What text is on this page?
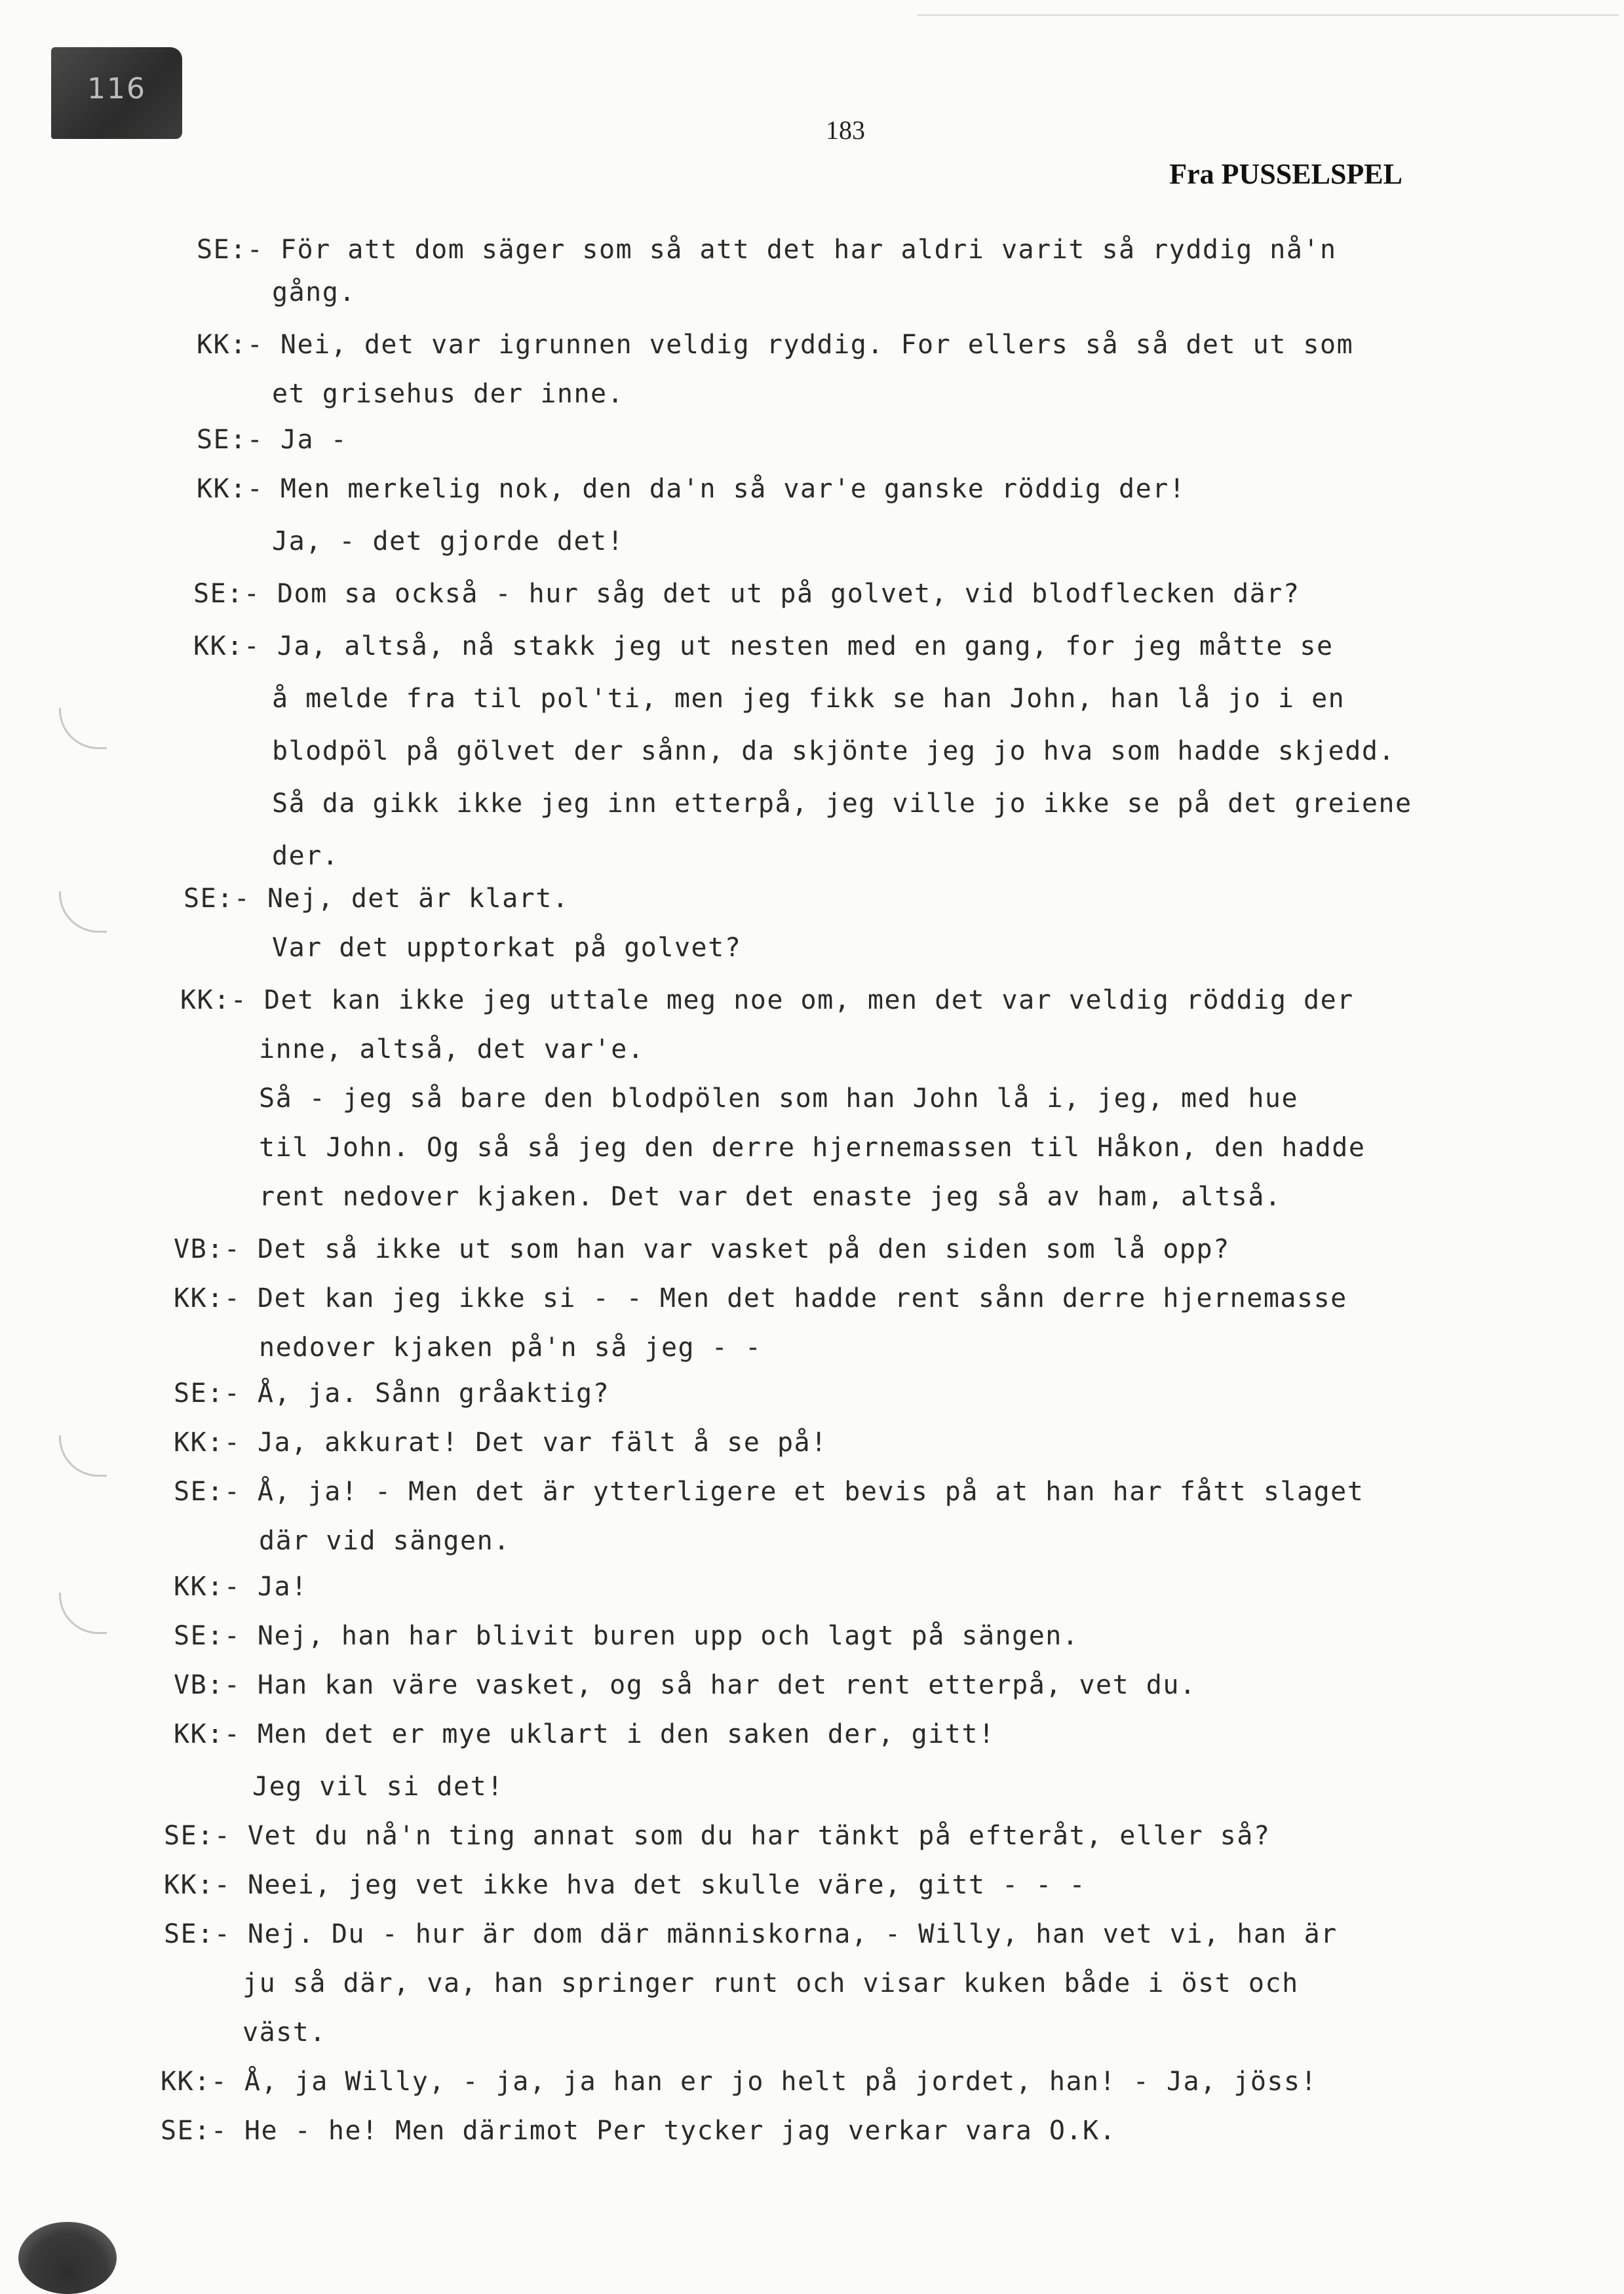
116
183
Fra PUSSELSPEL
SE:- För att dom säger som så att det har aldri varit så ryddig nå'n
gång.
KK:- Nei, det var igrunnen veldig ryddig. For ellers så så det ut som
et grisehus der inne.
SE:- Ja -
KK:- Men merkelig nok, den da'n så var'e ganske röddig der!
Ja, - det gjorde det!
SE:- Dom sa också - hur såg det ut på golvet, vid blodflecken där?
KK:- Ja, altså, nå stakk jeg ut nesten med en gang, for jeg måtte se
å melde fra til pol'ti, men jeg fikk se han John, han lå jo i en
blodpöl på gölvet der sånn, da skjönte jeg jo hva som hadde skjedd.
Så da gikk ikke jeg inn etterpå, jeg ville jo ikke se på det greiene
der.
SE:- Nej, det är klart.
Var det upptorkat på golvet?
KK:- Det kan ikke jeg uttale meg noe om, men det var veldig röddig der
inne, altså, det var'e.
Så - jeg så bare den blodpölen som han John lå i, jeg, med hue
til John. Og så så jeg den derre hjernemassen til Håkon, den hadde
rent nedover kjaken. Det var det enaste jeg så av ham, altså.
VB:- Det så ikke ut som han var vasket på den siden som lå opp?
KK:- Det kan jeg ikke si - - Men det hadde rent sånn derre hjernemasse
nedover kjaken på'n så jeg - -
SE:- Å, ja. Sånn gråaktig?
KK:- Ja, akkurat! Det var fält å se på!
SE:- Å, ja! - Men det är ytterligere et bevis på at han har fått slaget
där vid sängen.
KK:- Ja!
SE:- Nej, han har blivit buren upp och lagt på sängen.
VB:- Han kan väre vasket, og så har det rent etterpå, vet du.
KK:- Men det er mye uklart i den saken der, gitt!
Jeg vil si det!
SE:- Vet du nå'n ting annat som du har tänkt på efteråt, eller så?
KK:- Neei, jeg vet ikke hva det skulle väre, gitt - - -
SE:- Nej. Du - hur är dom där människorna, - Willy, han vet vi, han är
ju så där, va, han springer runt och visar kuken både i öst och
väst.
KK:- Å, ja Willy, - ja, ja han er jo helt på jordet, han! - Ja, jöss!
SE:- He - he! Men därimot Per tycker jag verkar vara O.K.
